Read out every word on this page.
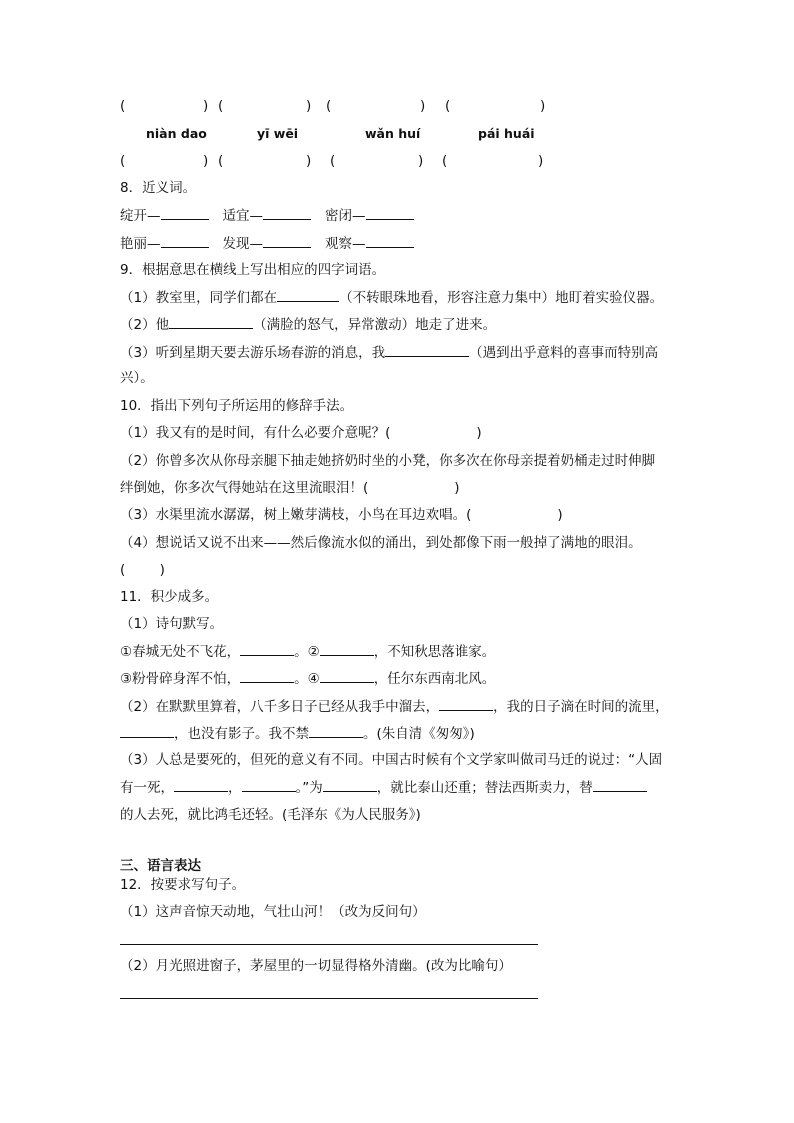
(	) (	) (	) (	)
niàn dao	yī wēi	wǎn huí	pái huái
(	) (	) (	) (	)
8．近义词。
绽开—	适宜—	密闭—
艳丽—	发现—	观察—
9．根据意思在横线上写出相应的四字词语。
（1）教室里，同学们都在	（不转眼珠地看，形容注意力集中）地盯着实验仪器。
（2）他	（满脸的怒气，异常激动）地走了进来。
（3）听到星期天要去游乐场春游的消息，我	（遇到出乎意料的喜事而特别高
兴）。
10．指出下列句子所运用的修辞手法。
（1）我又有的是时间，有什么必要介意呢？(	)
（2）你曾多次从你母亲腿下抽走她挤奶时坐的小凳，你多次在你母亲提着奶桶走过时伸脚
绊倒她，你多次气得她站在这里流眼泪！(	)
（3）水渠里流水潺潺，树上嫩芽满枝，小鸟在耳边欢唱。(	)
（4）想说话又说不出来——然后像流水似的涌出，到处都像下雨一般掉了满地的眼泪。
(        )
11．积少成多。
（1）诗句默写。
①春城无处不飞花，	。②	，不知秋思落谁家。
③粉骨碎身浑不怕，	。④	，任尔东西南北风。
（2）在默默里算着，八千多日子已经从我手中溜去，	，我的日子滴在时间的流里，
，也没有影子。我不禁	。(朱自清《匆匆》)
（3）人总是要死的，但死的意义有不同。中国古时候有个文学家叫做司马迁的说过：“人固
有一死，	，	。”为	，就比泰山还重；替法西斯卖力，替
的人去死，就比鸿毛还轻。(毛泽东《为人民服务》)
三、语言表达
12．按要求写句子。
（1）这声音惊天动地，气壮山河！（改为反问句）
（2）月光照进窗子，茅屋里的一切显得格外清幽。(改为比喻句）
